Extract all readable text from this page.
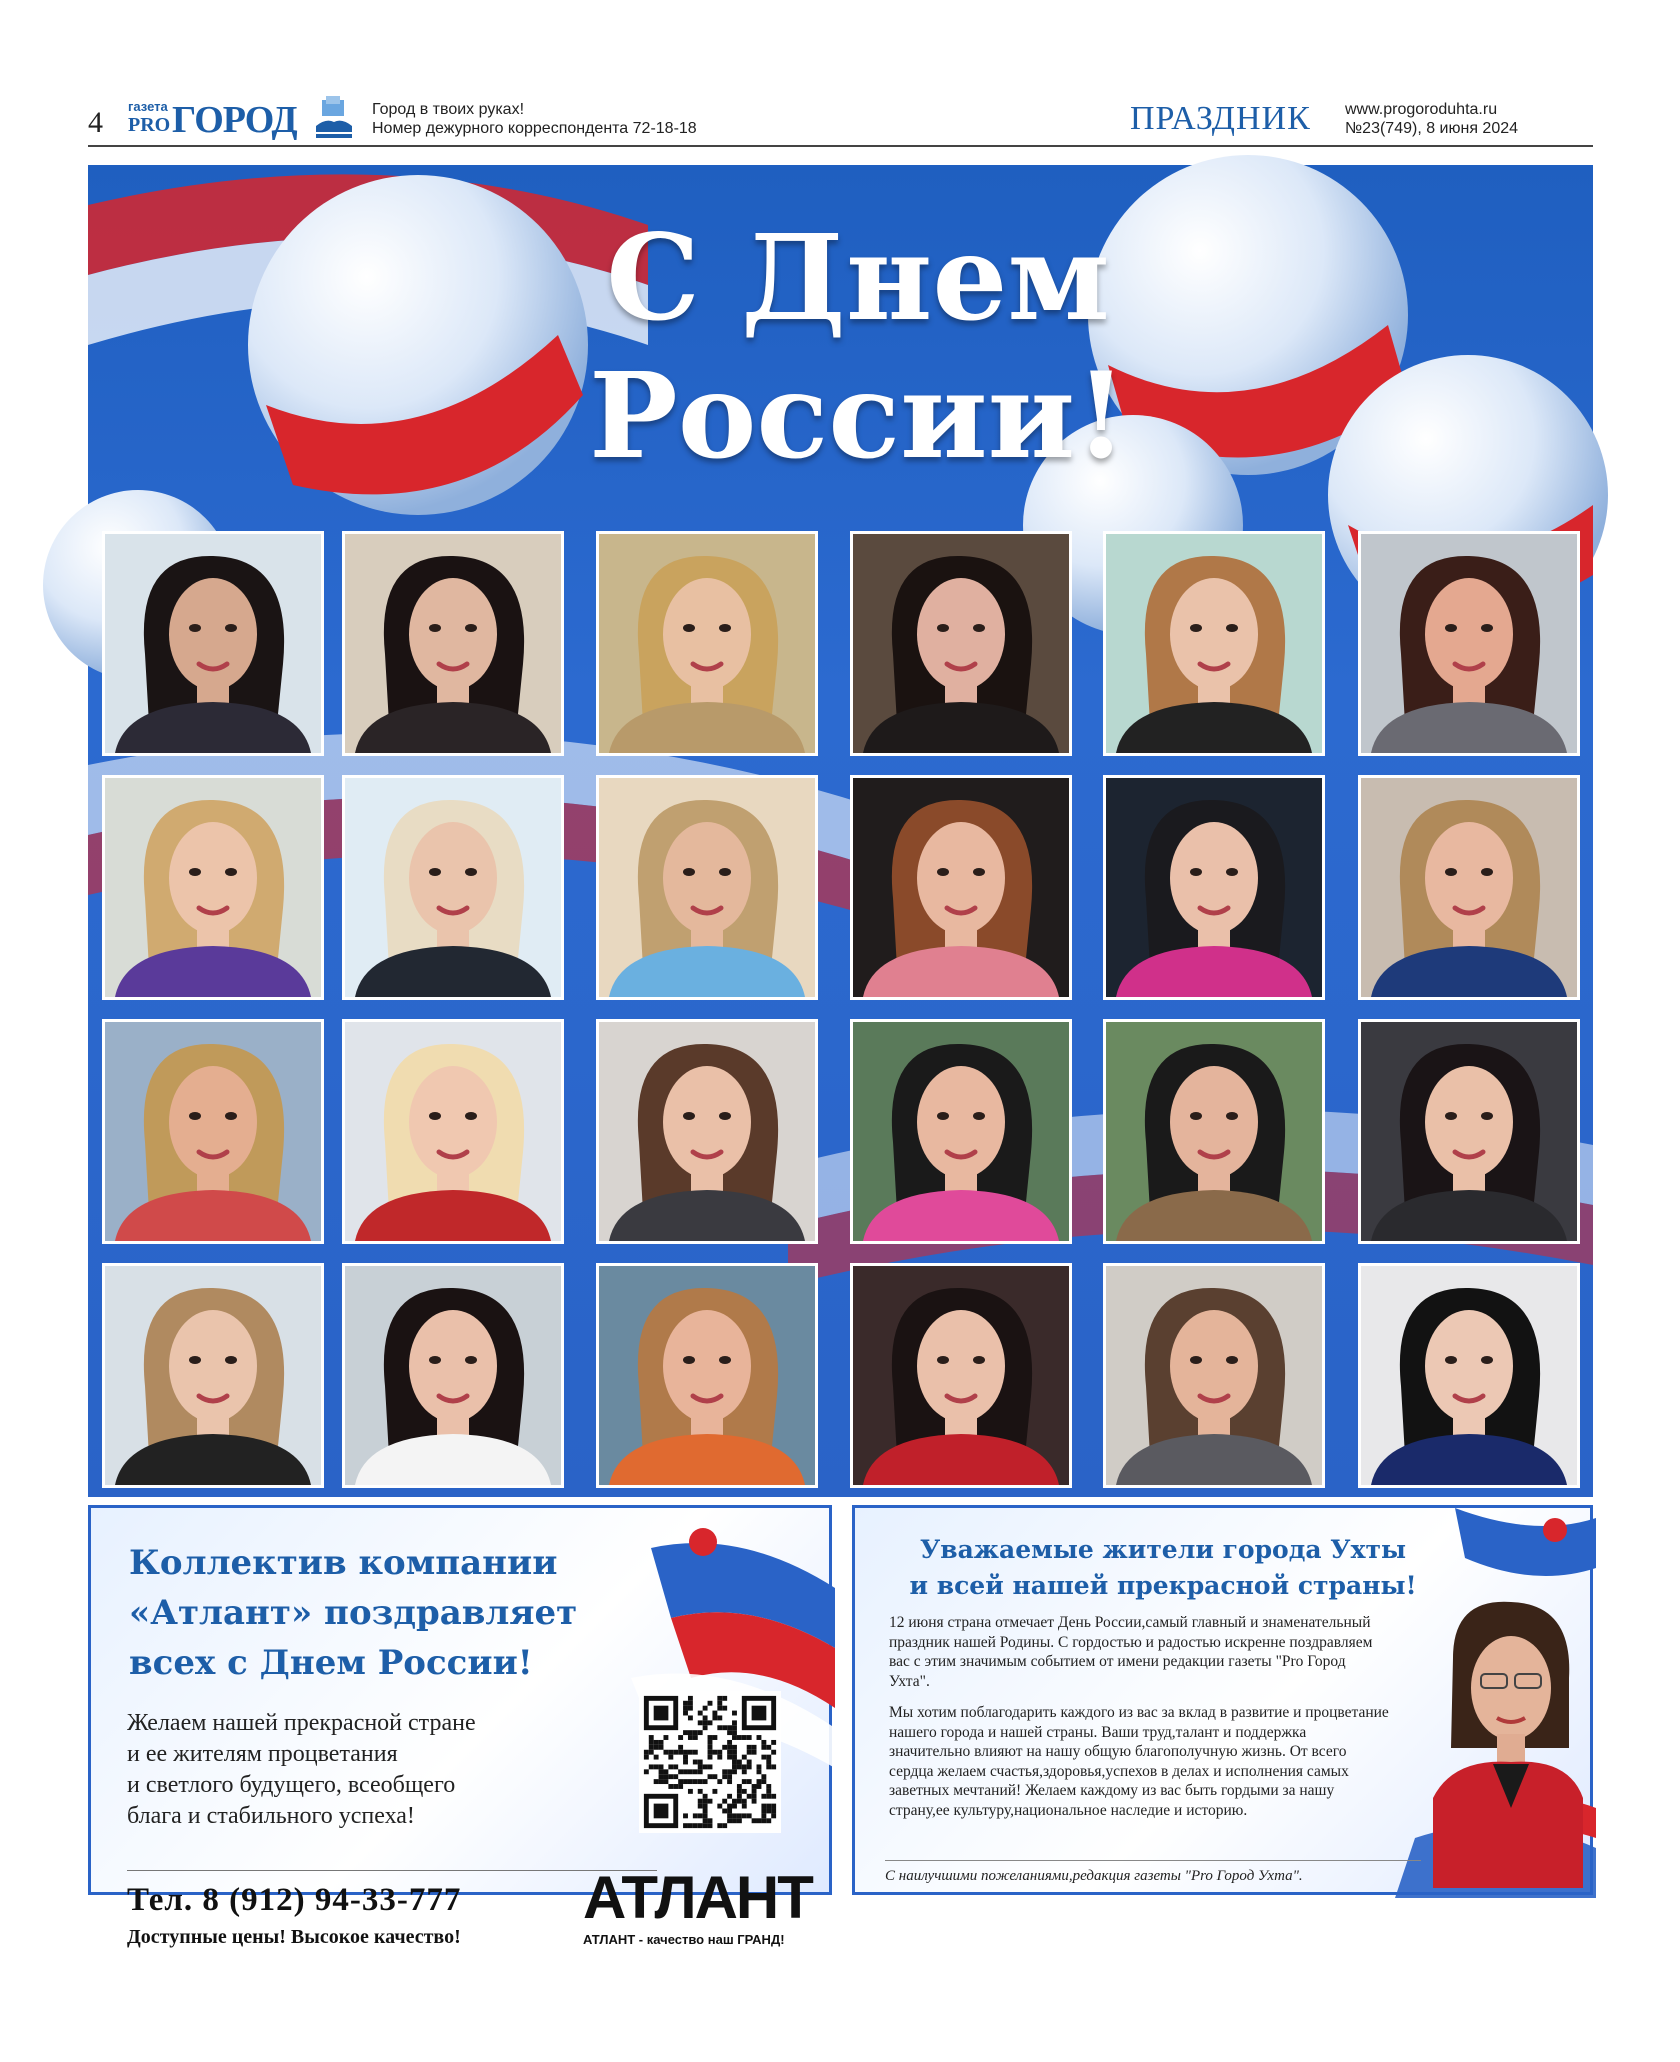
4 газета
PRO ГОРОД	Город в твоих руках!
Номер дежурного корреспондента 72-18-18	ПРАЗДНИК www.progoroduhta.ru
№23(749), 8 июня 2024
С Днем
России!
Коллектив компании
«Атлант» поздравляет
всех с Днем России!
Желаем нашей прекрасной стране
и ее жителям процветания
и светлого будущего, всеобщего
блага и стабильного успеха!
Тел. 8 (912) 94-33-777
Доступные цены! Высокое качество!
АТЛАНТ
АТЛАНТ - качество наш ГРАНД!
Уважаемые жители города Ухты
и всей нашей прекрасной страны!
12 июня страна отмечает День России,самый главный и знаменательный праздник нашей Родины. С гордостью и радостью искренне поздравляем вас с этим значимым событием от имени редакции газеты "Pro Город Ухта".
Мы хотим поблагодарить каждого из вас за вклад в развитие и процветание нашего города и нашей страны. Ваши труд,талант и поддержка значительно влияют на нашу общую благополучную жизнь. От всего сердца желаем счастья,здоровья,успехов в делах и исполнения самых заветных мечтаний! Желаем каждому из вас быть гордыми за нашу страну,ее культуру,национальное наследие и историю.
С наилучшими пожеланиями,редакция газеты "Pro Город Ухта".
